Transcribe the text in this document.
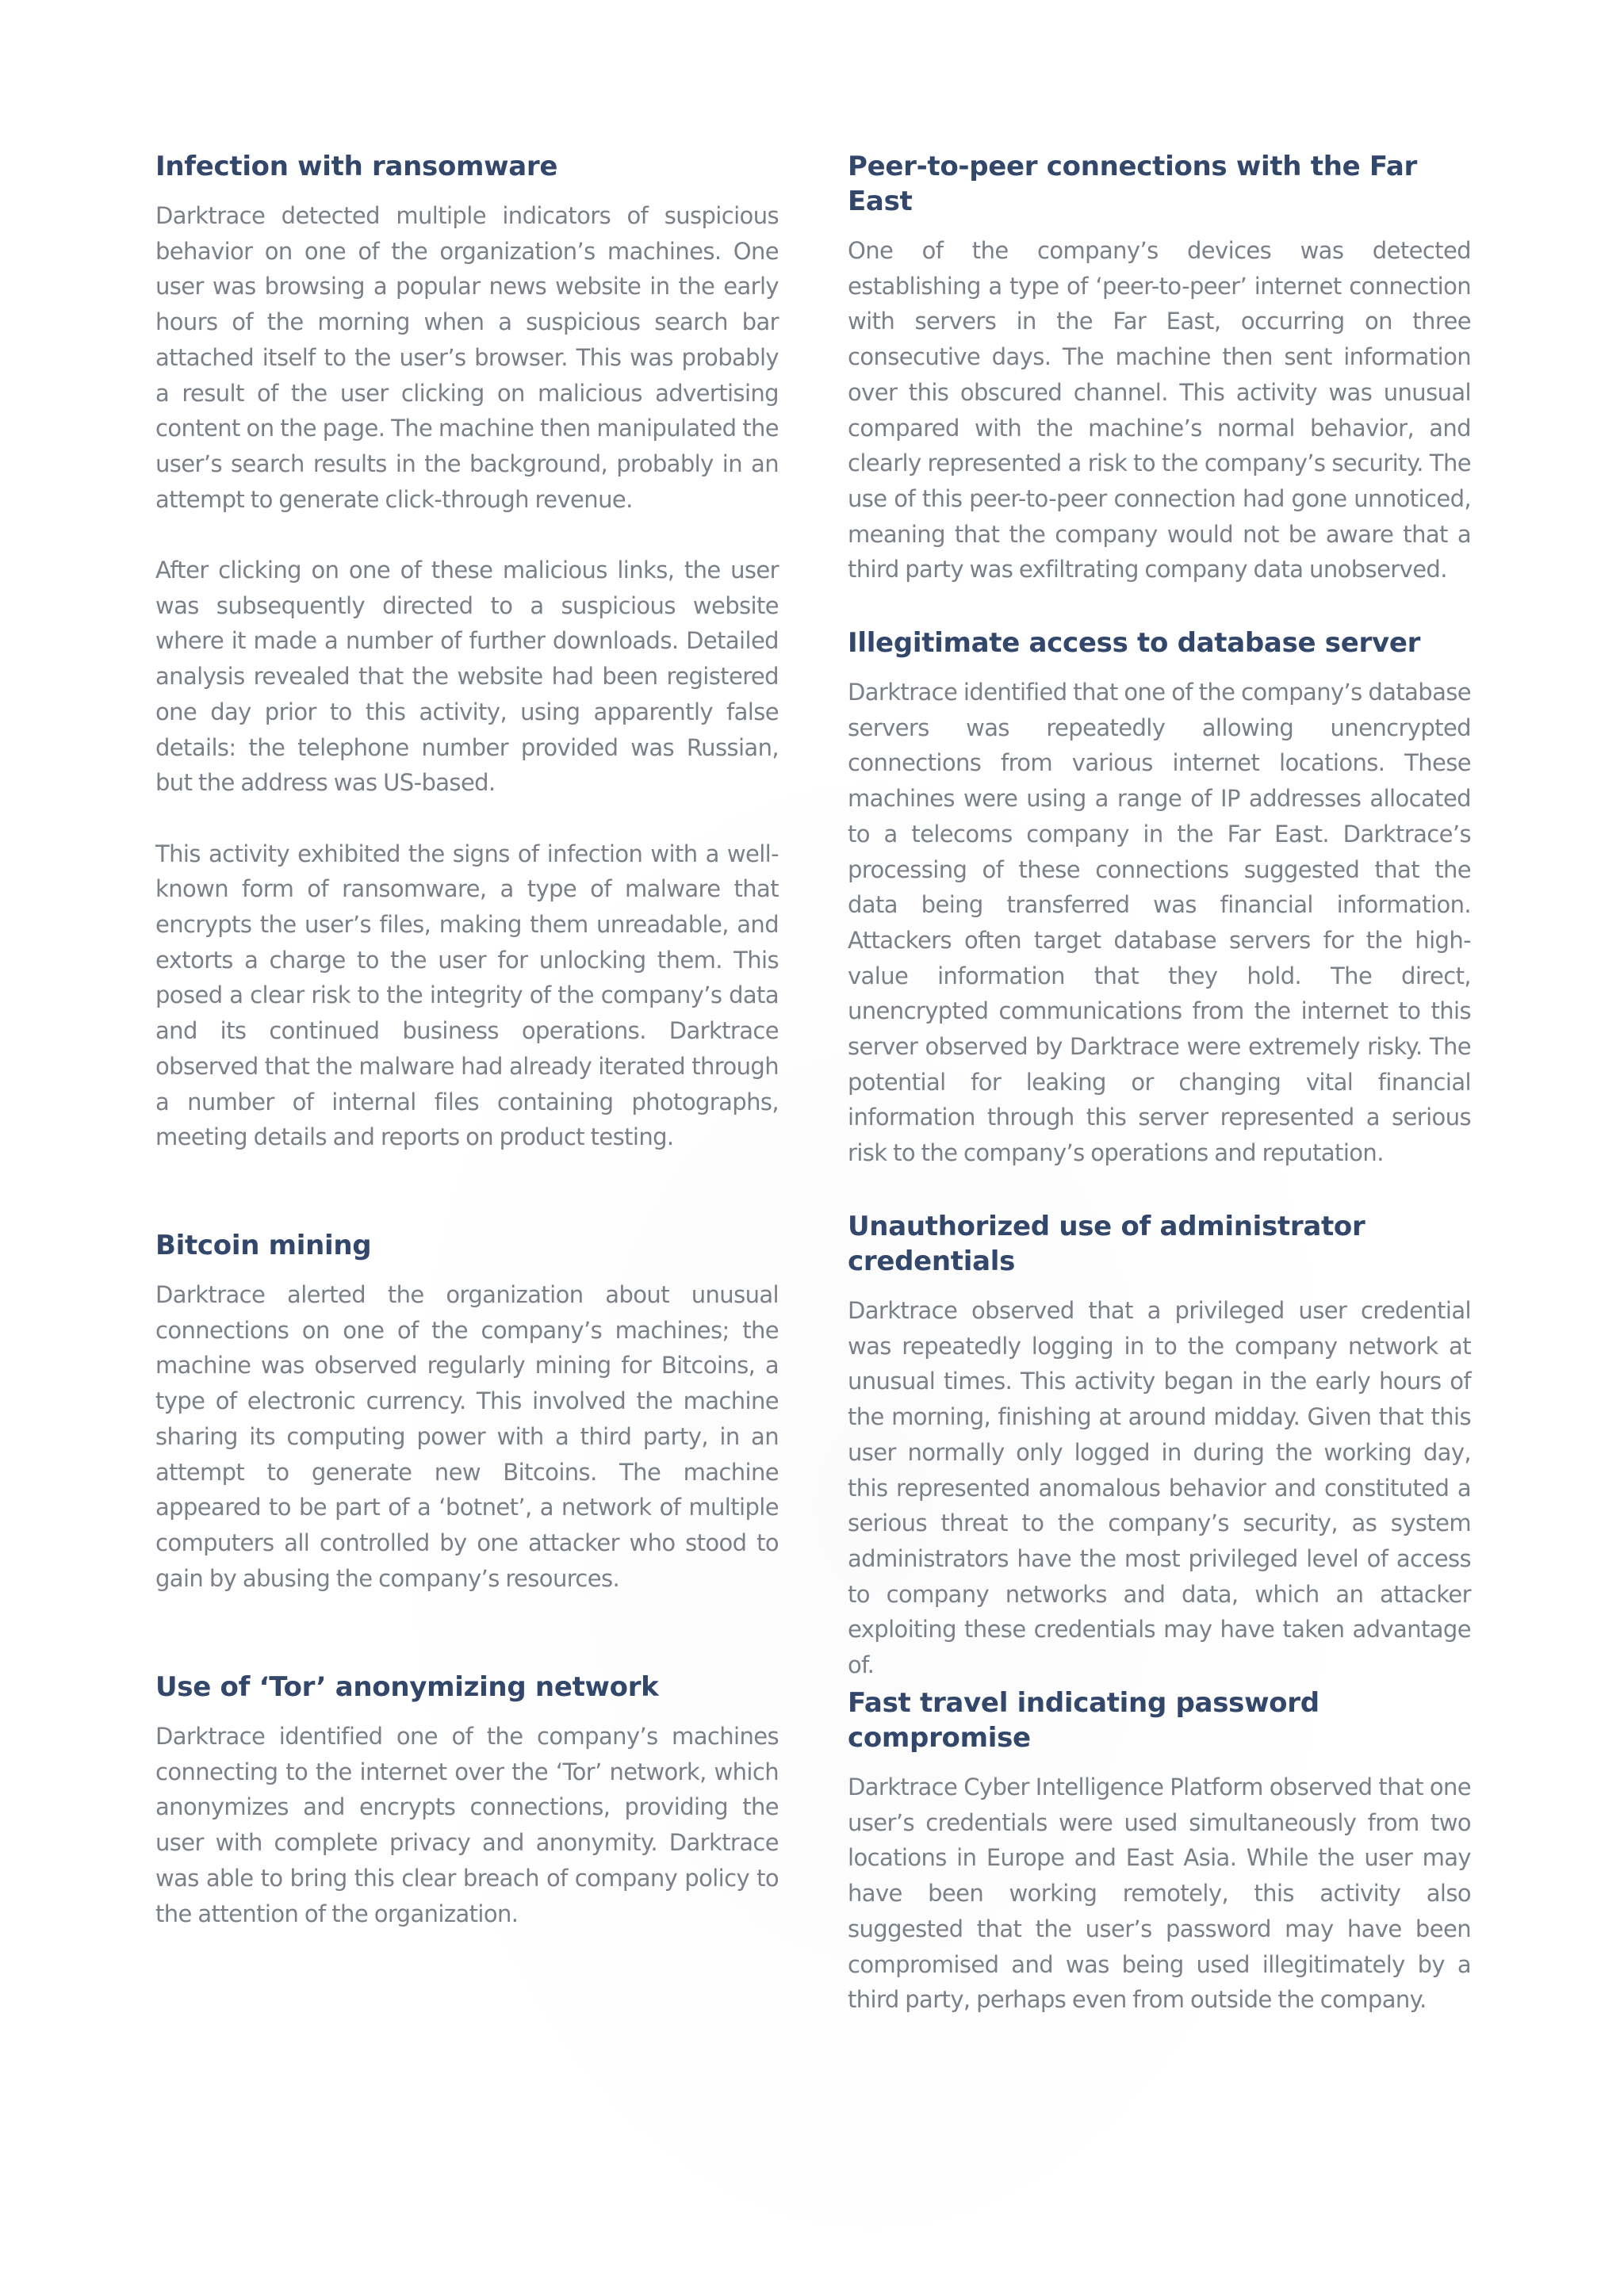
Infection with ransomware

Darktrace detected multiple indicators of suspicious behavior on one of the organization’s machines. One user was browsing a popular news website in the early hours of the morning when a suspicious search bar attached itself to the user’s browser. This was probably a result of the user clicking on malicious advertising content on the page. The machine then manipulated the user’s search results in the background, probably in an attempt to generate click-through revenue.

After clicking on one of these malicious links, the user was subsequently directed to a suspicious website where it made a number of further downloads. Detailed analysis revealed that the website had been registered one day prior to this activity, using apparently false details: the telephone number provided was Russian, but the address was US-based.

This activity exhibited the signs of infection with a well-known form of ransomware, a type of malware that encrypts the user’s files, making them unreadable, and extorts a charge to the user for unlocking them. This posed a clear risk to the integrity of the company’s data and its continued business operations. Darktrace observed that the malware had already iterated through a number of internal files containing photographs, meeting details and reports on product testing.

Bitcoin mining

Darktrace alerted the organization about unusual connections on one of the company’s machines; the machine was observed regularly mining for Bitcoins, a type of electronic currency. This involved the machine sharing its computing power with a third party, in an attempt to generate new Bitcoins. The machine appeared to be part of a ‘botnet’, a network of multiple computers all controlled by one attacker who stood to gain by abusing the company’s resources.

Use of ‘Tor’ anonymizing network

Darktrace identified one of the company’s machines connecting to the internet over the ‘Tor’ network, which anonymizes and encrypts connections, providing the user with complete privacy and anonymity. Darktrace was able to bring this clear breach of company policy to the attention of the organization.

Peer-to-peer connections with the Far East

One of the company’s devices was detected establishing a type of ‘peer-to-peer’ internet connection with servers in the Far East, occurring on three consecutive days. The machine then sent information over this obscured channel. This activity was unusual compared with the machine’s normal behavior, and clearly represented a risk to the company’s security. The use of this peer-to-peer connection had gone unnoticed, meaning that the company would not be aware that a third party was exfiltrating company data unobserved.

Illegitimate access to database server

Darktrace identified that one of the company’s database servers was repeatedly allowing unencrypted connections from various internet locations. These machines were using a range of IP addresses allocated to a telecoms company in the Far East. Darktrace’s processing of these connections suggested that the data being transferred was financial information. Attackers often target database servers for the high-value information that they hold. The direct, unencrypted communications from the internet to this server observed by Darktrace were extremely risky. The potential for leaking or changing vital financial information through this server represented a serious risk to the company’s operations and reputation.

Unauthorized use of administrator credentials

Darktrace observed that a privileged user credential was repeatedly logging in to the company network at unusual times. This activity began in the early hours of the morning, finishing at around midday. Given that this user normally only logged in during the working day, this represented anomalous behavior and constituted a serious threat to the company’s security, as system administrators have the most privileged level of access to company networks and data, which an attacker exploiting these credentials may have taken advantage of.

Fast travel indicating password compromise

Darktrace Cyber Intelligence Platform observed that one user’s credentials were used simultaneously from two locations in Europe and East Asia. While the user may have been working remotely, this activity also suggested that the user’s password may have been compromised and was being used illegitimately by a third party, perhaps even from outside the company.
